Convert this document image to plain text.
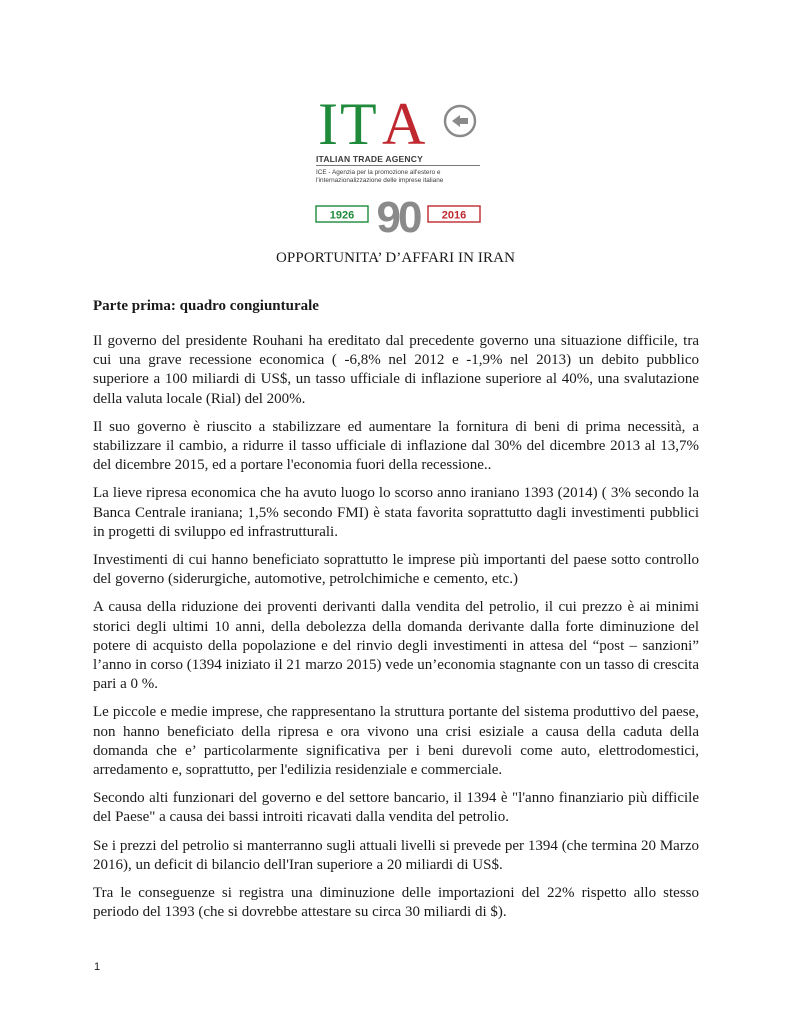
I T A
ITALIAN TRADE AGENCY
ICE - Agenzia per la promozione all'estero e l'internazionalizzazione delle imprese italiane
1926 90 2016
OPPORTUNITA’ D’AFFARI IN IRAN
Parte prima: quadro congiunturale

Il governo del presidente Rouhani ha ereditato dal precedente governo una situazione difficile, tra cui una grave recessione economica ( -6,8% nel 2012 e -1,9% nel 2013) un debito pubblico superiore a 100 miliardi di US$, un tasso ufficiale di inflazione superiore al 40%, una svalutazione della valuta locale (Rial) del 200%.

Il suo governo è riuscito a stabilizzare ed aumentare la fornitura di beni di prima necessità, a stabilizzare il cambio, a ridurre il tasso ufficiale di inflazione dal 30% del dicembre 2013 al 13,7% del dicembre 2015, ed a portare l'economia fuori della recessione..

La lieve ripresa economica che ha avuto luogo lo scorso anno iraniano 1393 (2014) ( 3% secondo la Banca Centrale iraniana; 1,5% secondo FMI) è stata favorita soprattutto dagli investimenti pubblici in progetti di sviluppo ed infrastrutturali.

Investimenti di cui hanno beneficiato soprattutto le imprese più importanti del paese sotto controllo del governo (siderurgiche, automotive, petrolchimiche e cemento, etc.)

A causa della riduzione dei proventi derivanti dalla vendita del petrolio, il cui prezzo è ai minimi storici degli ultimi 10 anni, della debolezza della domanda derivante dalla forte diminuzione del potere di acquisto della popolazione e del rinvio degli investimenti in attesa del “post – sanzioni” l’anno in corso (1394 iniziato il 21 marzo 2015) vede un’economia stagnante con un tasso di crescita pari a 0 %.

Le piccole e medie imprese, che rappresentano la struttura portante del sistema produttivo del paese, non hanno beneficiato della ripresa e ora vivono una crisi esiziale a causa della caduta della domanda che e’ particolarmente significativa per i beni durevoli come auto, elettrodomestici, arredamento e, soprattutto, per l'edilizia residenziale e commerciale.

Secondo alti funzionari del governo e del settore bancario, il 1394 è "l'anno finanziario più difficile del Paese" a causa dei bassi introiti ricavati dalla vendita del petrolio.

Se i prezzi del petrolio si manterranno sugli attuali livelli si prevede per 1394 (che termina 20 Marzo 2016), un deficit di bilancio dell'Iran superiore a 20 miliardi di US$.

Tra le conseguenze si registra una diminuzione delle importazioni del 22% rispetto allo stesso periodo del 1393 (che si dovrebbe attestare su circa 30 miliardi di $).

1
